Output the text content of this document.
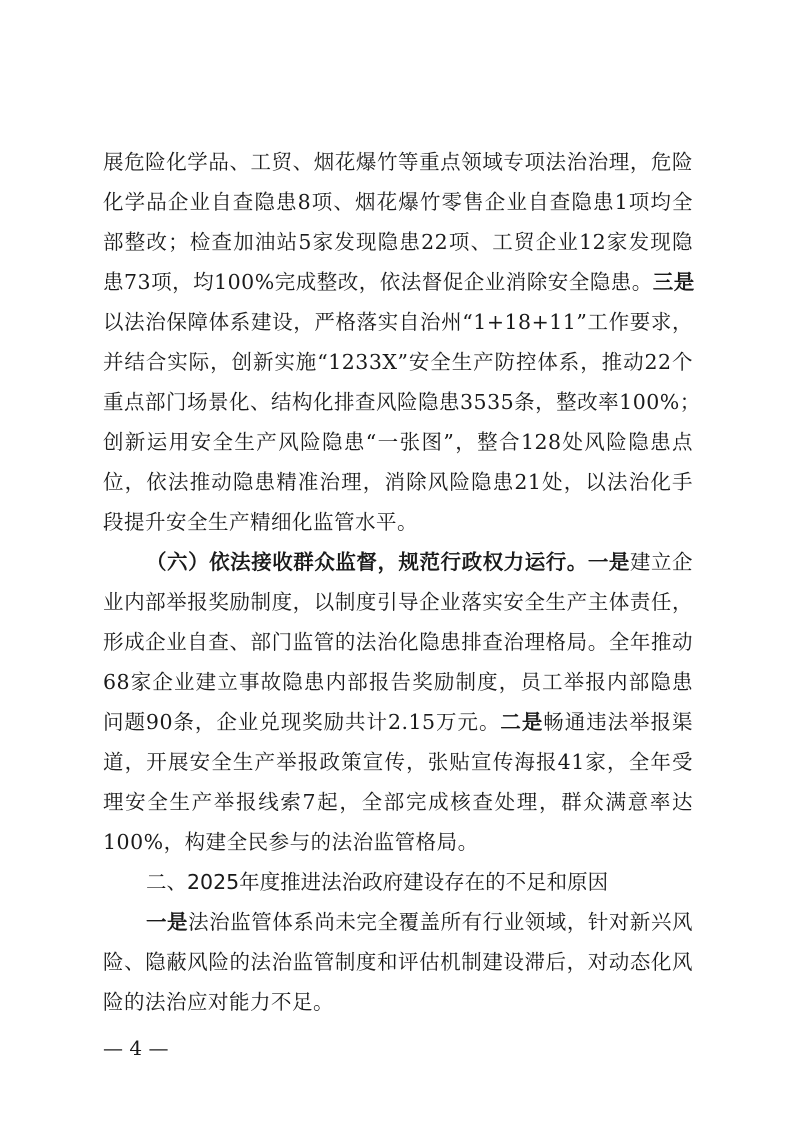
展危险化学品、工贸、烟花爆竹等重点领域专项法治治理，危险
化学品企业自查隐患8项、烟花爆竹零售企业自查隐患1项均全
部整改；检查加油站5家发现隐患22项、工贸企业12家发现隐
患73项，均100%完成整改，依法督促企业消除安全隐患。三是
以法治保障体系建设，严格落实自治州“1+18+11”工作要求，
并结合实际，创新实施“1233X”安全生产防控体系，推动22个
重点部门场景化、结构化排查风险隐患3535条，整改率100%；
创新运用安全生产风险隐患“一张图”，整合128处风险隐患点
位，依法推动隐患精准治理，消除风险隐患21处，以法治化手
段提升安全生产精细化监管水平。
（六）依法接收群众监督，规范行政权力运行。一是建立企
业内部举报奖励制度，以制度引导企业落实安全生产主体责任，
形成企业自查、部门监管的法治化隐患排查治理格局。全年推动
68家企业建立事故隐患内部报告奖励制度，员工举报内部隐患
问题90条，企业兑现奖励共计2.15万元。二是畅通违法举报渠
道，开展安全生产举报政策宣传，张贴宣传海报41家，全年受
理安全生产举报线索7起，全部完成核查处理，群众满意率达
100%，构建全民参与的法治监管格局。
二、2025年度推进法治政府建设存在的不足和原因
一是法治监管体系尚未完全覆盖所有行业领域，针对新兴风
险、隐蔽风险的法治监管制度和评估机制建设滞后，对动态化风
险的法治应对能力不足。
— 4 —
